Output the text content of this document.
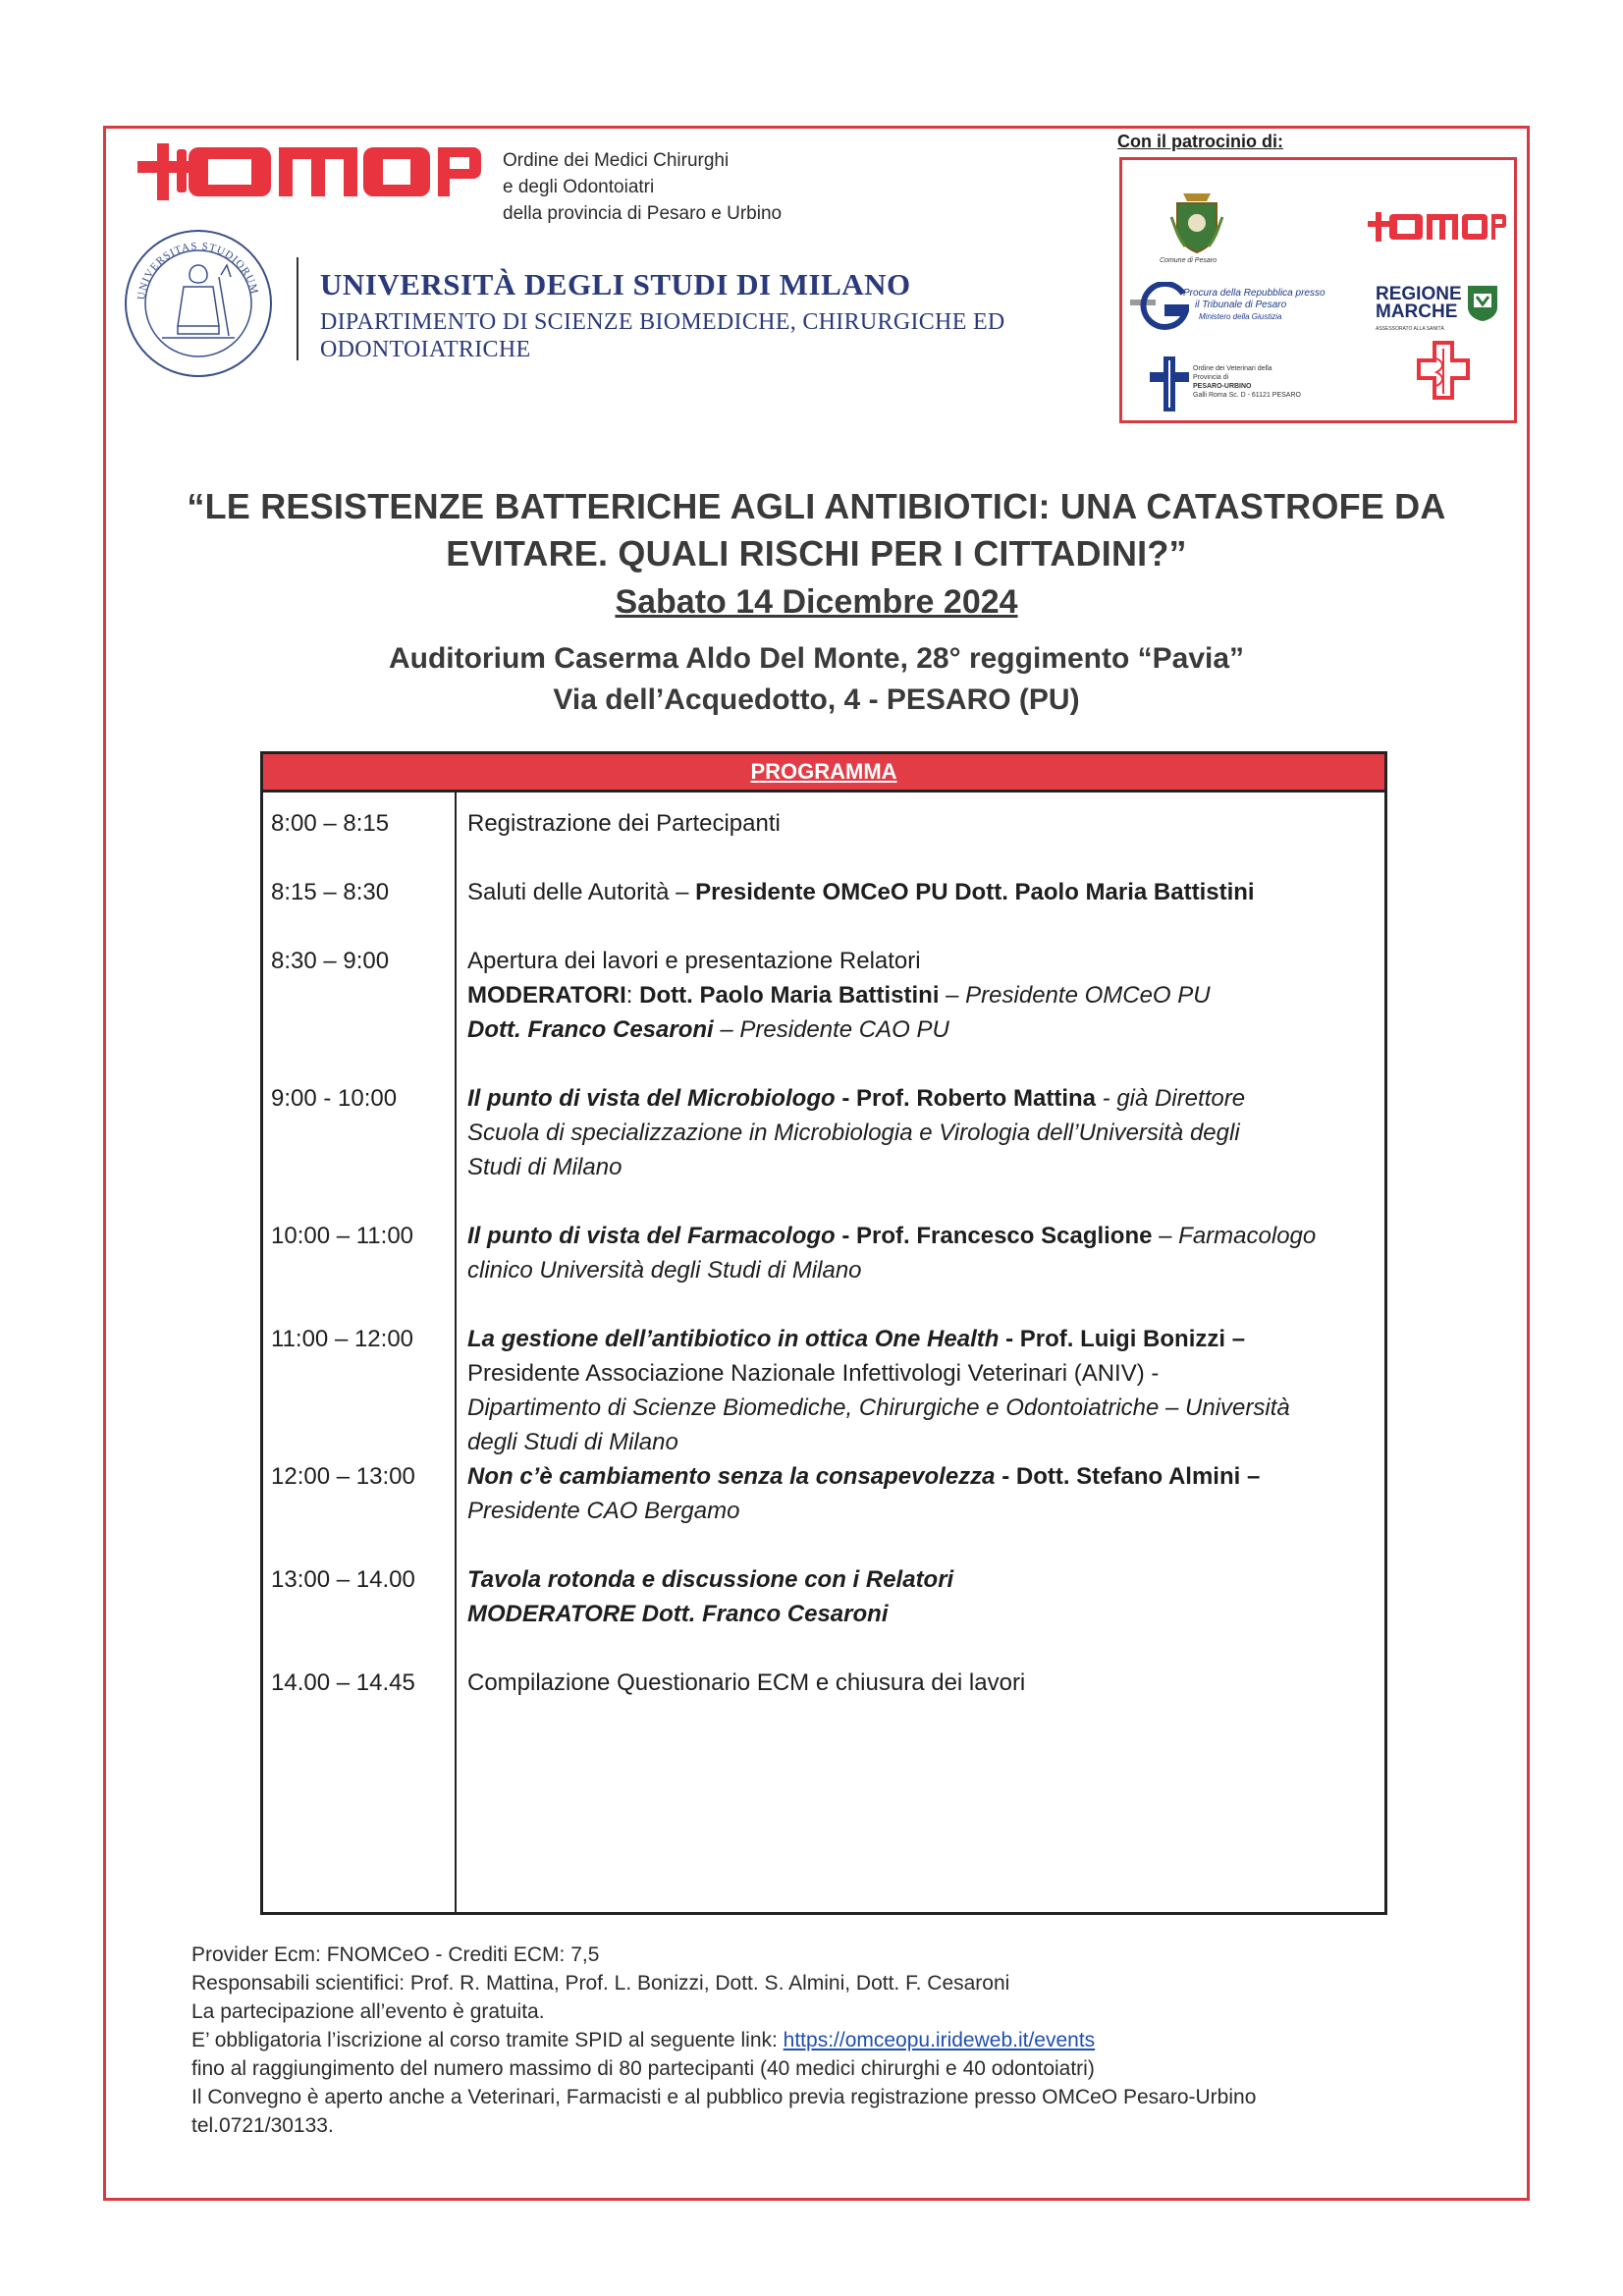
Ordine dei Medici Chirurghi
e degli Odontoiatri
della provincia di Pesaro e Urbino
UNIVERSITAS STUDIORUM UNIVERSITÀ DEGLI STUDI DI MILANO
DIPARTIMENTO DI SCIENZE BIOMEDICHE, CHIRURGICHE ED
ODONTOIATRICHE
Con il patrocinio di:
Comune di Pesaro
Procura della Repubblica presso
il Tribunale di Pesaro
Ministero della Giustizia
REGIONE
MARCHE
ASSESSORATO ALLA SANITÀ
Ordine dei Veterinari della
Provincia di
PESARO-URBINO
Galli Roma Sc. D - 61121 PESARO
“LE RESISTENZE BATTERICHE AGLI ANTIBIOTICI: UNA CATASTROFE DA
EVITARE. QUALI RISCHI PER I CITTADINI?”
Sabato 14 Dicembre 2024
Auditorium Caserma Aldo Del Monte, 28° reggimento “Pavia”
Via dell’Acquedotto, 4 - PESARO (PU)
PROGRAMMA
8:00 – 8:15	Registrazione dei Partecipanti
8:15 – 8:30	Saluti delle Autorità – Presidente OMCeO PU Dott. Paolo Maria Battistini
8:30 – 9:00	Apertura dei lavori e presentazione Relatori
MODERATORI: Dott. Paolo Maria Battistini – Presidente OMCeO PU
Dott. Franco Cesaroni – Presidente CAO PU
9:00 - 10:00	Il punto di vista del Microbiologo - Prof. Roberto Mattina - già Direttore
Scuola di specializzazione in Microbiologia e Virologia dell’Università degli
Studi di Milano
10:00 – 11:00	Il punto di vista del Farmacologo - Prof. Francesco Scaglione – Farmacologo
clinico Università degli Studi di Milano
11:00 – 12:00	La gestione dell’antibiotico in ottica One Health - Prof. Luigi Bonizzi –
Presidente Associazione Nazionale Infettivologi Veterinari (ANIV) -
Dipartimento di Scienze Biomediche, Chirurgiche e Odontoiatriche – Università
degli Studi di Milano
12:00 – 13:00	Non c’è cambiamento senza la consapevolezza - Dott. Stefano Almini –
Presidente CAO Bergamo
13:00 – 14.00	Tavola rotonda e discussione con i Relatori
MODERATORE Dott. Franco Cesaroni
14.00 – 14.45	Compilazione Questionario ECM e chiusura dei lavori
Provider Ecm: FNOMCeO - Crediti ECM: 7,5
Responsabili scientifici: Prof. R. Mattina, Prof. L. Bonizzi, Dott. S. Almini, Dott. F. Cesaroni
La partecipazione all’evento è gratuita.
E’ obbligatoria l’iscrizione al corso tramite SPID al seguente link: https://omceopu.irideweb.it/events
fino al raggiungimento del numero massimo di 80 partecipanti (40 medici chirurghi e 40 odontoiatri)
Il Convegno è aperto anche a Veterinari, Farmacisti e al pubblico previa registrazione presso OMCeO Pesaro-Urbino
tel.0721/30133.
